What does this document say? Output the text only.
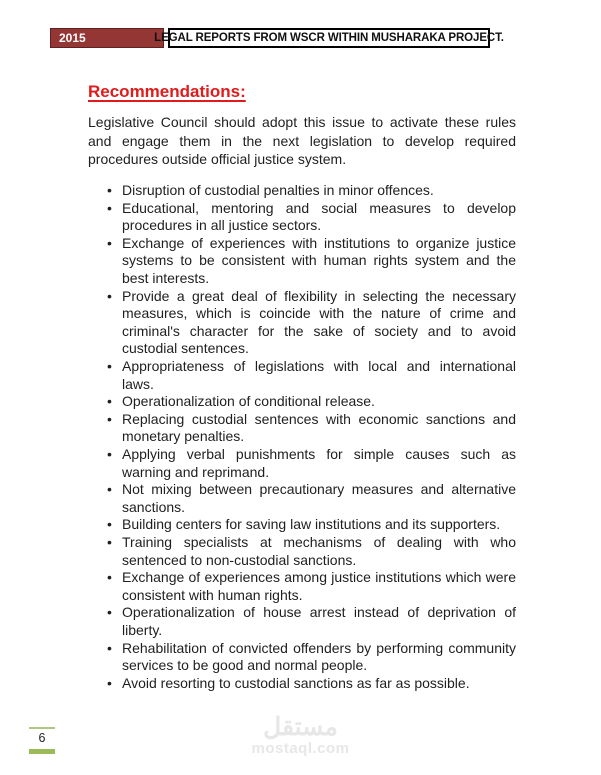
2015	LEGAL REPORTS FROM WSCR WITHIN MUSHARAKA PROJECT.
Recommendations:

Legislative Council should adopt this issue to activate these rules and engage them in the next legislation to develop required procedures outside official justice system.

• Disruption of custodial penalties in minor offences.
• Educational, mentoring and social measures to develop procedures in all justice sectors.
• Exchange of experiences with institutions to organize justice systems to be consistent with human rights system and the best interests.
• Provide a great deal of flexibility in selecting the necessary measures, which is coincide with the nature of crime and criminal's character for the sake of society and to avoid custodial sentences.
• Appropriateness of legislations with local and international laws.
• Operationalization of conditional release.
• Replacing custodial sentences with economic sanctions and monetary penalties.
• Applying verbal punishments for simple causes such as warning and reprimand.
• Not mixing between precautionary measures and alternative sanctions.
• Building centers for saving law institutions and its supporters.
• Training specialists at mechanisms of dealing with who sentenced to non-custodial sanctions.
• Exchange of experiences among justice institutions which were consistent with human rights.
• Operationalization of house arrest instead of deprivation of liberty.
• Rehabilitation of convicted offenders by performing community services to be good and normal people.
• Avoid resorting to custodial sanctions as far as possible.
6	مستقل
mostaql.com
